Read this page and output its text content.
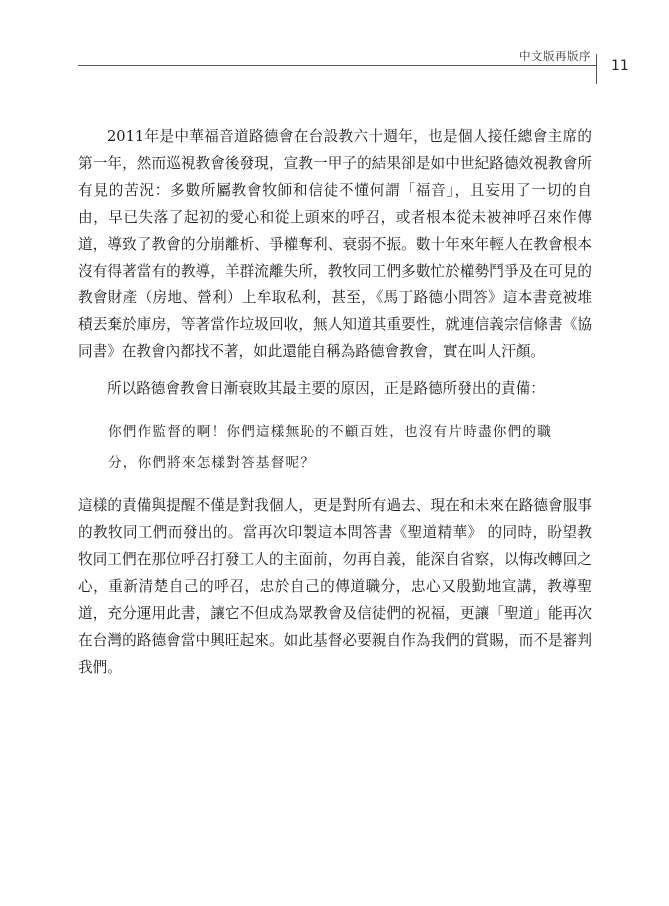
中文版再版序
11

2011年是中華福音道路德會在台設教六十週年，也是個人接任總會主席的第一年，然而巡視教會後發現，宣教一甲子的結果卻是如中世紀路德效視教會所有見的苦況：多數所屬教會牧師和信徒不懂何謂「福音」，且妄用了一切的自由，早已失落了起初的愛心和從上頭來的呼召，或者根本從未被神呼召來作傳道，導致了教會的分崩離析、爭權奪利、衰弱不振。數十年來年輕人在教會根本沒有得著當有的教導，羊群流離失所，教牧同工們多數忙於權勢鬥爭及在可見的教會財產（房地、營利）上牟取私利，甚至，《馬丁路德小問答》這本書竟被堆積丟棄於庫房，等著當作垃圾回收，無人知道其重要性，就連信義宗信條書《協同書》在教會內都找不著，如此還能自稱為路德會教會，實在叫人汗顏。

所以路德會教會日漸衰敗其最主要的原因，正是路德所發出的責備：

你們作監督的啊！你們這樣無恥的不顧百姓，也沒有片時盡你們的職分，你們將來怎樣對答基督呢？

這樣的責備與提醒不僅是對我個人，更是對所有過去、現在和未來在路德會服事的教牧同工們而發出的。當再次印製這本問答書《聖道精華》 的同時，盼望教牧同工們在那位呼召打發工人的主面前，勿再自義，能深自省察，以悔改轉回之心，重新清楚自己的呼召，忠於自己的傳道職分，忠心又殷勤地宣講，教導聖道，充分運用此書，讓它不但成為眾教會及信徒們的祝福，更讓「聖道」能再次在台灣的路德會當中興旺起來。如此基督必要親自作為我們的賞賜，而不是審判我們。
